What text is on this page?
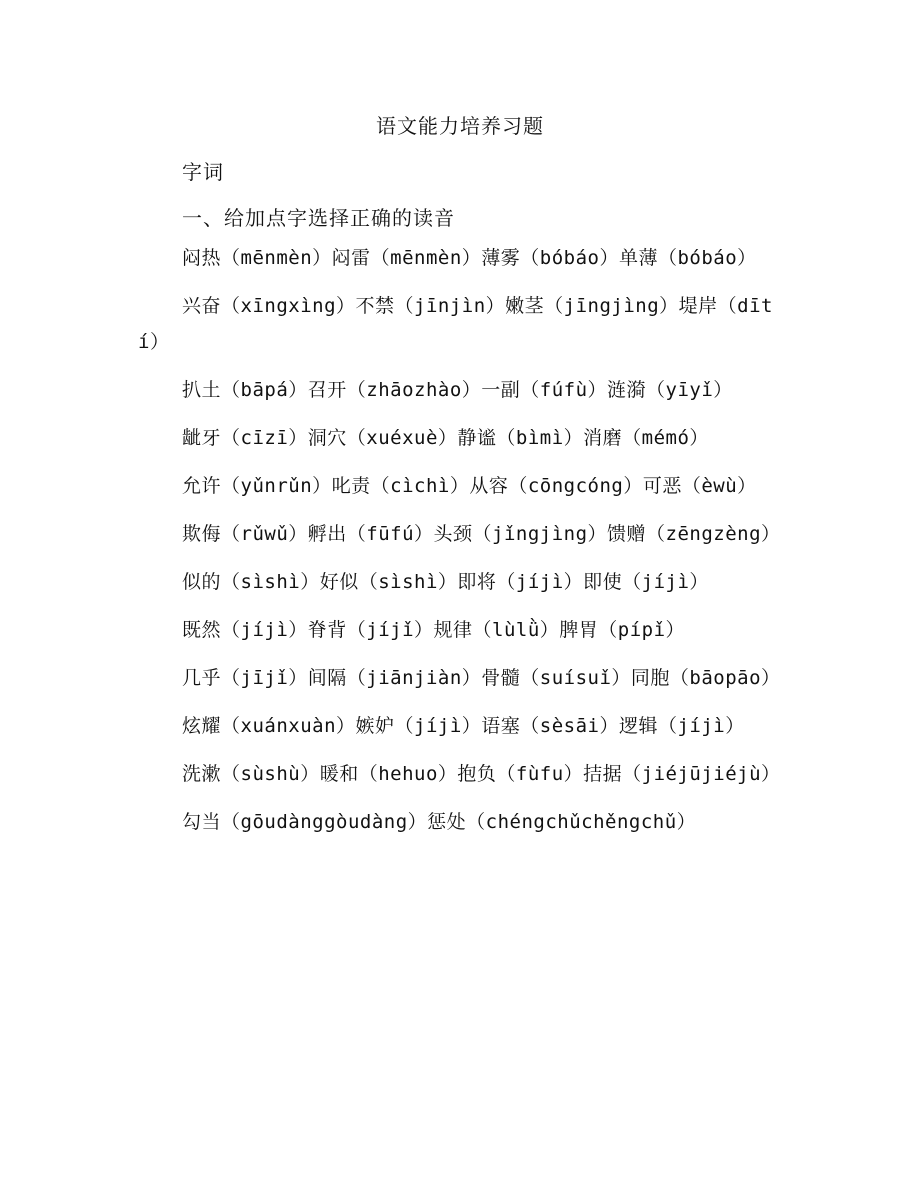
语文能力培养习题
字词
一、给加点字选择正确的读音

闷热（mēnmèn）闷雷（mēnmèn）薄雾（bóbáo）单薄（bóbáo）

兴奋（xīngxìng）不禁（jīnjìn）嫩茎（jīngjìng）堤岸（dītí）

扒土（bāpá）召开（zhāozhào）一副（fúfù）涟漪（yīyǐ）

龇牙（cīzī）洞穴（xuéxuè）静谧（bìmì）消磨（mémó）

允许（yǔnrǔn）叱责（cìchì）从容（cōngcóng）可恶（èwù）

欺侮（rǔwǔ）孵出（fūfú）头颈（jǐngjìng）馈赠（zēngzèng）

似的（sìshì）好似（sìshì）即将（jíjì）即使（jíjì）

既然（jíjì）脊背（jíjǐ）规律（lùlǜ）脾胃（pípǐ）

几乎（jījǐ）间隔（jiānjiàn）骨髓（suísuǐ）同胞（bāopāo）

炫耀（xuánxuàn）嫉妒（jíjì）语塞（sèsāi）逻辑（jíjì）

洗漱（sùshù）暖和（hehuo）抱负（fùfu）拮据（jiéjūjiéjù）

勾当（gōudànggòudàng）惩处（chéngchǔchěngchǔ）
